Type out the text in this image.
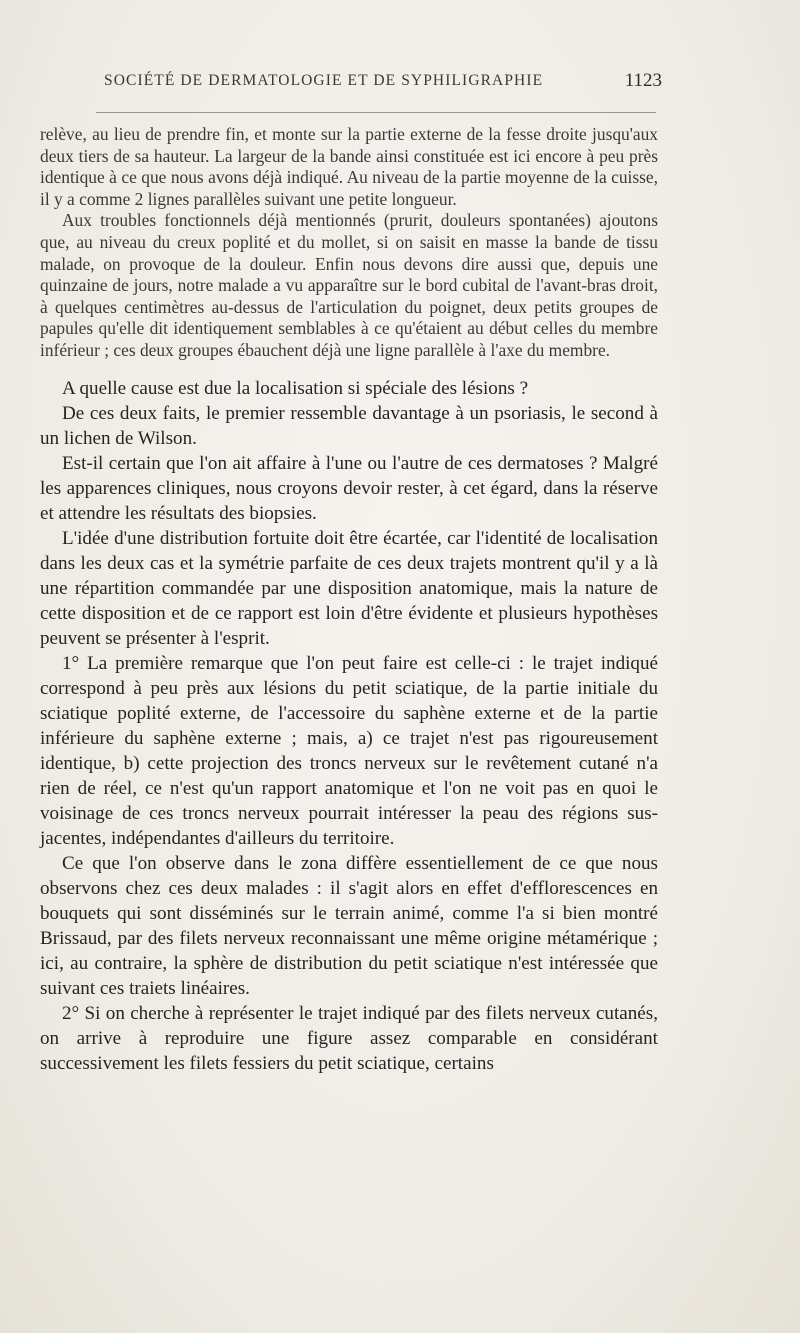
SOCIÉTÉ DE DERMATOLOGIE ET DE SYPHILIGRAPHIE	1123

relève, au lieu de prendre fin, et monte sur la partie externe de la fesse droite jusqu'aux deux tiers de sa hauteur. La largeur de la bande ainsi constituée est ici encore à peu près identique à ce que nous avons déjà indiqué. Au niveau de la partie moyenne de la cuisse, il y a comme 2 lignes parallèles suivant une petite longueur.

Aux troubles fonctionnels déjà mentionnés (prurit, douleurs spontanées) ajoutons que, au niveau du creux poplité et du mollet, si on saisit en masse la bande de tissu malade, on provoque de la douleur. Enfin nous devons dire aussi que, depuis une quinzaine de jours, notre malade a vu apparaître sur le bord cubital de l'avant-bras droit, à quelques centimètres au-dessus de l'articulation du poignet, deux petits groupes de papules qu'elle dit identiquement semblables à ce qu'étaient au début celles du membre inférieur ; ces deux groupes ébauchent déjà une ligne parallèle à l'axe du membre.

A quelle cause est due la localisation si spéciale des lésions ?

De ces deux faits, le premier ressemble davantage à un psoriasis, le second à un lichen de Wilson.

Est-il certain que l'on ait affaire à l'une ou l'autre de ces dermatoses ? Malgré les apparences cliniques, nous croyons devoir rester, à cet égard, dans la réserve et attendre les résultats des biopsies.

L'idée d'une distribution fortuite doit être écartée, car l'identité de localisation dans les deux cas et la symétrie parfaite de ces deux trajets montrent qu'il y a là une répartition commandée par une disposition anatomique, mais la nature de cette disposition et de ce rapport est loin d'être évidente et plusieurs hypothèses peuvent se présenter à l'esprit.

1° La première remarque que l'on peut faire est celle-ci : le trajet indiqué correspond à peu près aux lésions du petit sciatique, de la partie initiale du sciatique poplité externe, de l'accessoire du saphène externe et de la partie inférieure du saphène externe ; mais, a) ce trajet n'est pas rigoureusement identique, b) cette projection des troncs nerveux sur le revêtement cutané n'a rien de réel, ce n'est qu'un rapport anatomique et l'on ne voit pas en quoi le voisinage de ces troncs nerveux pourrait intéresser la peau des régions sus-jacentes, indépendantes d'ailleurs du territoire.

Ce que l'on observe dans le zona diffère essentiellement de ce que nous observons chez ces deux malades : il s'agit alors en effet d'efflorescences en bouquets qui sont disséminés sur le terrain animé, comme l'a si bien montré Brissaud, par des filets nerveux reconnaissant une même origine métamérique ; ici, au contraire, la sphère de distribution du petit sciatique n'est intéressée que suivant ces traiets linéaires.

2° Si on cherche à représenter le trajet indiqué par des filets nerveux cutanés, on arrive à reproduire une figure assez comparable en considérant successivement les filets fessiers du petit sciatique, certains
